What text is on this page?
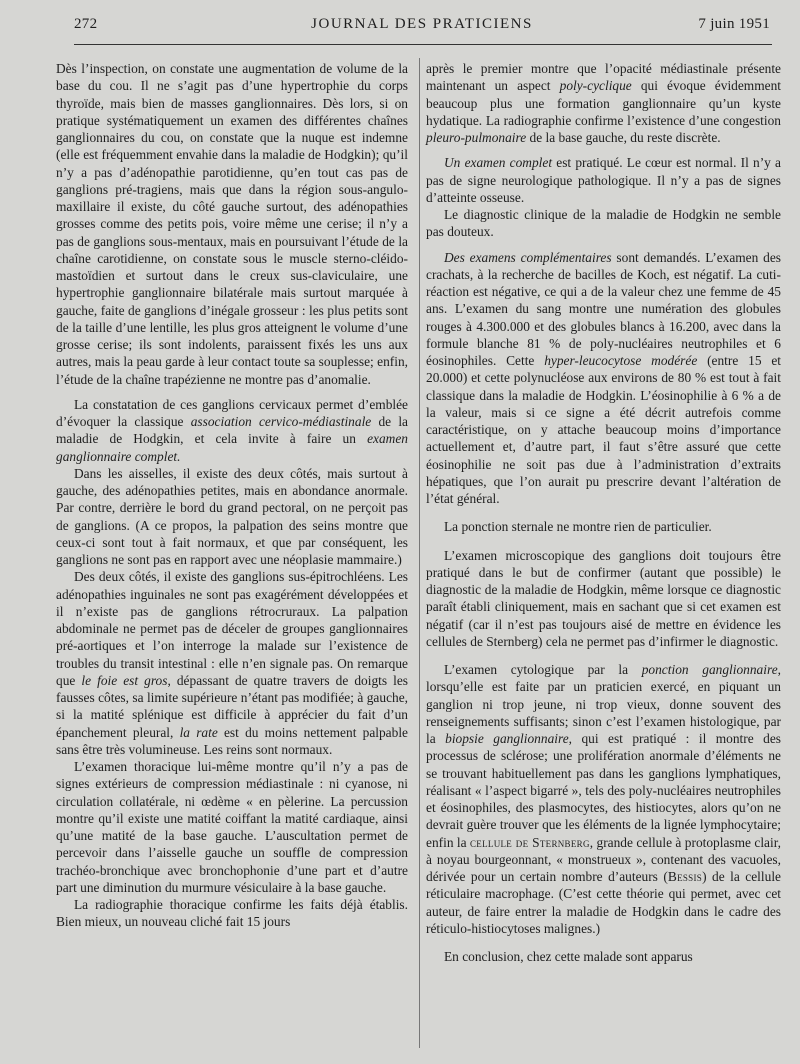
272	JOURNAL DES PRATICIENS	7 juin 1951

Dès l’inspection, on constate une augmentation de volume de la base du cou. Il ne s’agit pas d’une hypertrophie du corps thyroïde, mais bien de masses ganglionnaires. Dès lors, si on pratique systématiquement un examen des différentes chaînes ganglionnaires du cou, on constate que la nuque est indemne (elle est fréquemment envahie dans la maladie de Hodgkin); qu’il n’y a pas d’adénopathie parotidienne, qu’en tout cas pas de ganglions pré-tragiens, mais que dans la région sous-angulo-maxillaire il existe, du côté gauche surtout, des adénopathies grosses comme des petits pois, voire même une cerise; il n’y a pas de ganglions sous-mentaux, mais en poursuivant l’étude de la chaîne carotidienne, on constate sous le muscle sterno-cléido-mastoïdien et surtout dans le creux sus-claviculaire, une hypertrophie ganglionnaire bilatérale mais surtout marquée à gauche, faite de ganglions d’inégale grosseur : les plus petits sont de la taille d’une lentille, les plus gros atteignent le volume d’une grosse cerise; ils sont indolents, paraissent fixés les uns aux autres, mais la peau garde à leur contact toute sa souplesse; enfin, l’étude de la chaîne trapézienne ne montre pas d’anomalie.

La constatation de ces ganglions cervicaux permet d’emblée d’évoquer la classique association cervico-médiastinale de la maladie de Hodgkin, et cela invite à faire un examen ganglionnaire complet.

Dans les aisselles, il existe des deux côtés, mais surtout à gauche, des adénopathies petites, mais en abondance anormale. Par contre, derrière le bord du grand pectoral, on ne perçoit pas de ganglions. (A ce propos, la palpation des seins montre que ceux-ci sont tout à fait normaux, et que par conséquent, les ganglions ne sont pas en rapport avec une néoplasie mammaire.)

Des deux côtés, il existe des ganglions sus-épitrochléens. Les adénopathies inguinales ne sont pas exagérément développées et il n’existe pas de ganglions rétrocruraux. La palpation abdominale ne permet pas de déceler de groupes ganglionnaires pré-aortiques et l’on interroge la malade sur l’existence de troubles du transit intestinal : elle n’en signale pas. On remarque que le foie est gros, dépassant de quatre travers de doigts les fausses côtes, sa limite supérieure n’étant pas modifiée; à gauche, si la matité splénique est difficile à apprécier du fait d’un épanchement pleural, la rate est du moins nettement palpable sans être très volumineuse. Les reins sont normaux.

L’examen thoracique lui-même montre qu’il n’y a pas de signes extérieurs de compression médiastinale : ni cyanose, ni circulation collatérale, ni œdème « en pèlerine. La percussion montre qu’il existe une matité coiffant la matité cardiaque, ainsi qu’une matité de la base gauche. L’auscultation permet de percevoir dans l’aisselle gauche un souffle de compression trachéo-bronchique avec bronchophonie d’une part et d’autre part une diminution du murmure vésiculaire à la base gauche.

La radiographie thoracique confirme les faits déjà établis. Bien mieux, un nouveau cliché fait 15 jours

après le premier montre que l’opacité médiastinale présente maintenant un aspect poly-cyclique qui évoque évidemment beaucoup plus une formation ganglionnaire qu’un kyste hydatique. La radiographie confirme l’existence d’une congestion pleuro-pulmonaire de la base gauche, du reste discrète.

Un examen complet est pratiqué. Le cœur est normal. Il n’y a pas de signe neurologique pathologique. Il n’y a pas de signes d’atteinte osseuse.

Le diagnostic clinique de la maladie de Hodgkin ne semble pas douteux.

Des examens complémentaires sont demandés. L’examen des crachats, à la recherche de bacilles de Koch, est négatif. La cuti-réaction est négative, ce qui a de la valeur chez une femme de 45 ans. L’examen du sang montre une numération des globules rouges à 4.300.000 et des globules blancs à 16.200, avec dans la formule blanche 81 % de poly-nucléaires neutrophiles et 6 éosinophiles. Cette hyper-leucocytose modérée (entre 15 et 20.000) et cette polynucléose aux environs de 80 % est tout à fait classique dans la maladie de Hodgkin. L’éosinophilie à 6 % a de la valeur, mais si ce signe a été décrit autrefois comme caractéristique, on y attache beaucoup moins d’importance actuellement et, d’autre part, il faut s’être assuré que cette éosinophilie ne soit pas due à l’administration d’extraits hépatiques, que l’on aurait pu prescrire devant l’altération de l’état général.

La ponction sternale ne montre rien de particulier.

L’examen microscopique des ganglions doit toujours être pratiqué dans le but de confirmer (autant que possible) le diagnostic de la maladie de Hodgkin, même lorsque ce diagnostic paraît établi cliniquement, mais en sachant que si cet examen est négatif (car il n’est pas toujours aisé de mettre en évidence les cellules de Sternberg) cela ne permet pas d’infirmer le diagnostic.

L’examen cytologique par la ponction ganglionnaire, lorsqu’elle est faite par un praticien exercé, en piquant un ganglion ni trop jeune, ni trop vieux, donne souvent des renseignements suffisants; sinon c’est l’examen histologique, par la biopsie ganglionnaire, qui est pratiqué : il montre des processus de sclérose; une prolifération anormale d’éléments ne se trouvant habituellement pas dans les ganglions lymphatiques, réalisant « l’aspect bigarré », tels des poly-nucléaires neutrophiles et éosinophiles, des plasmocytes, des histiocytes, alors qu’on ne devrait guère trouver que les éléments de la lignée lymphocytaire; enfin la cellule de Sternberg, grande cellule à protoplasme clair, à noyau bourgeonnant, « monstrueux », contenant des vacuoles, dérivée pour un certain nombre d’auteurs (Bessis) de la cellule réticulaire macrophage. (C’est cette théorie qui permet, avec cet auteur, de faire entrer la maladie de Hodgkin dans le cadre des réticulo-histiocytoses malignes.)

En conclusion, chez cette malade sont apparus
